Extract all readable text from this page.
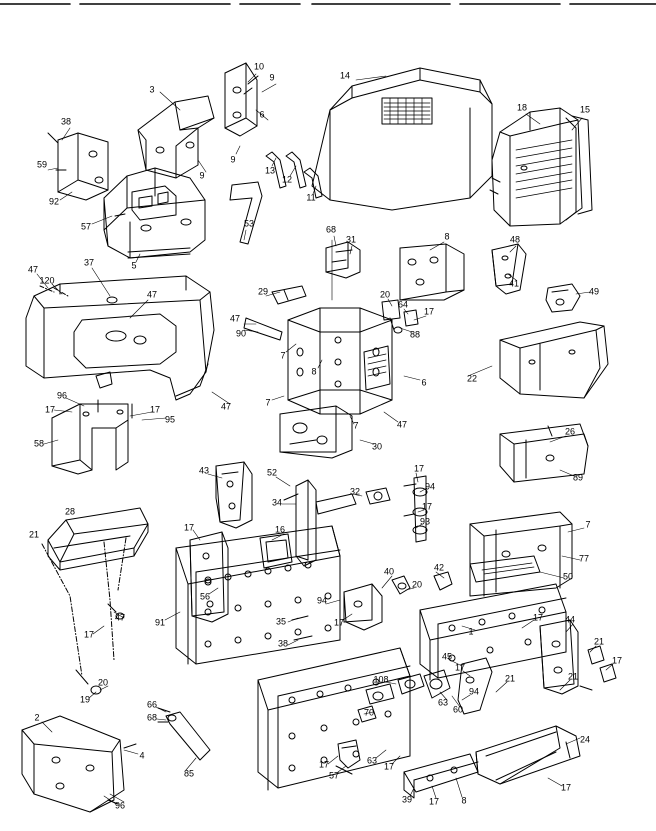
3
10
9	14
18	15
38
59
6
9
9
92
13
12
11
57	53
5
68
31	8	48
47
120
37
29
41
49
47	20
64
17
47
90	88
7
22
8
6
7
96
17
95
17	47
47
7
58	30
26
89
43	52	17
94
32
34	17
7
17	16
93
28
21
77
50
56
40	42
20
91
94
35	17	17 44
47
17
38	21
1
17
45
17
108
20
19	66
68	70
63
60
94
21	21
24
2
4
85
17
57
63
17
39 17 8
17
96
